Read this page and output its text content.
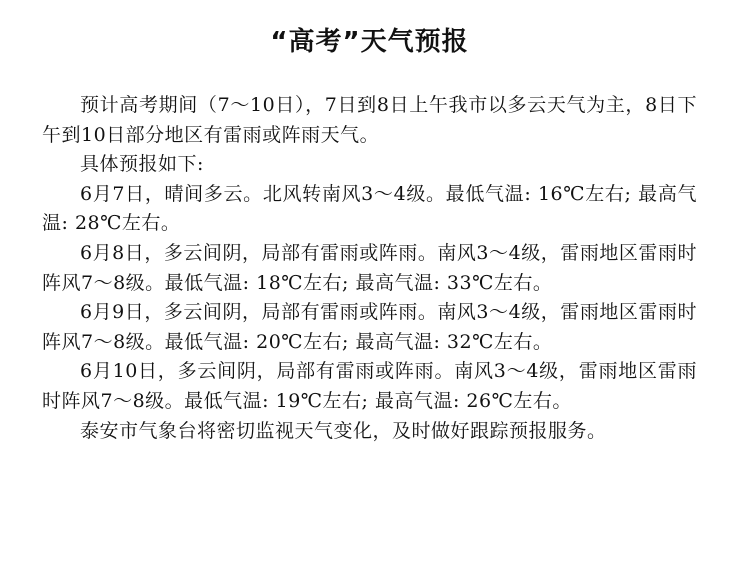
“高考”天气预报

预计高考期间（7～10日），7日到8日上午我市以多云天气为主，8日下午到10日部分地区有雷雨或阵雨天气。

具体预报如下:

6月7日，晴间多云。北风转南风3～4级。最低气温: 16℃左右; 最高气温: 28℃左右。

6月8日，多云间阴，局部有雷雨或阵雨。南风3～4级，雷雨地区雷雨时阵风7～8级。最低气温: 18℃左右; 最高气温: 33℃左右。

6月9日，多云间阴，局部有雷雨或阵雨。南风3～4级，雷雨地区雷雨时阵风7～8级。最低气温: 20℃左右; 最高气温: 32℃左右。

6月10日，多云间阴，局部有雷雨或阵雨。南风3～4级，雷雨地区雷雨时阵风7～8级。最低气温: 19℃左右; 最高气温: 26℃左右。

泰安市气象台将密切监视天气变化，及时做好跟踪预报服务。
